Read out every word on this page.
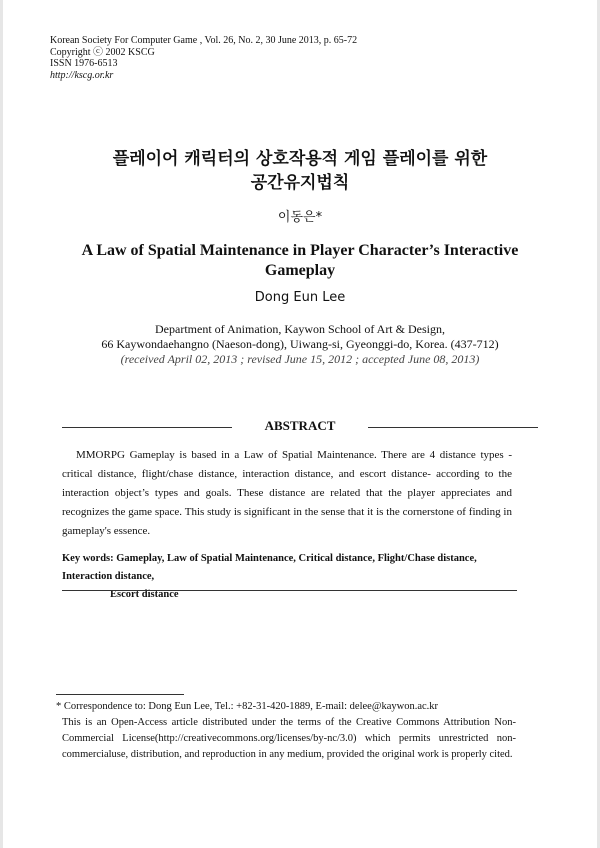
Korean Society For Computer Game , Vol. 26, No. 2, 30 June 2013, p. 65-72
Copyright ⓒ 2002 KSCG
ISSN 1976-6513
http://kscg.or.kr
플레이어 캐릭터의 상호작용적 게임 플레이를 위한
공간유지법칙
이동은*
A Law of Spatial Maintenance in Player Character’s Interactive Gameplay
Dong Eun Lee
Department of Animation, Kaywon School of Art & Design,
66 Kaywondaehangno (Naeson-dong), Uiwang-si, Gyeonggi-do, Korea. (437-712)
(received April 02, 2013 ; revised June 15, 2012 ; accepted June 08, 2013)
ABSTRACT
MMORPG Gameplay is based in a Law of Spatial Maintenance. There are 4 distance types -critical distance, flight/chase distance, interaction distance, and escort distance- according to the interaction object’s types and goals. These distance are related that the player appreciates and recognizes the game space. This study is significant in the sense that it is the cornerstone of finding in gameplay's essence.
Key words: Gameplay, Law of Spatial Maintenance, Critical distance, Flight/Chase distance, Interaction distance,
Escort distance
* Correspondence to: Dong Eun Lee, Tel.: +82-31-420-1889, E-mail: delee@kaywon.ac.kr
This is an Open-Access article distributed under the terms of the Creative Commons Attribution Non-Commercial License(http://creativecommons.org/licenses/by-nc/3.0) which permits unrestricted non-commercialuse, distribution, and reproduction in any medium, provided the original work is properly cited.
